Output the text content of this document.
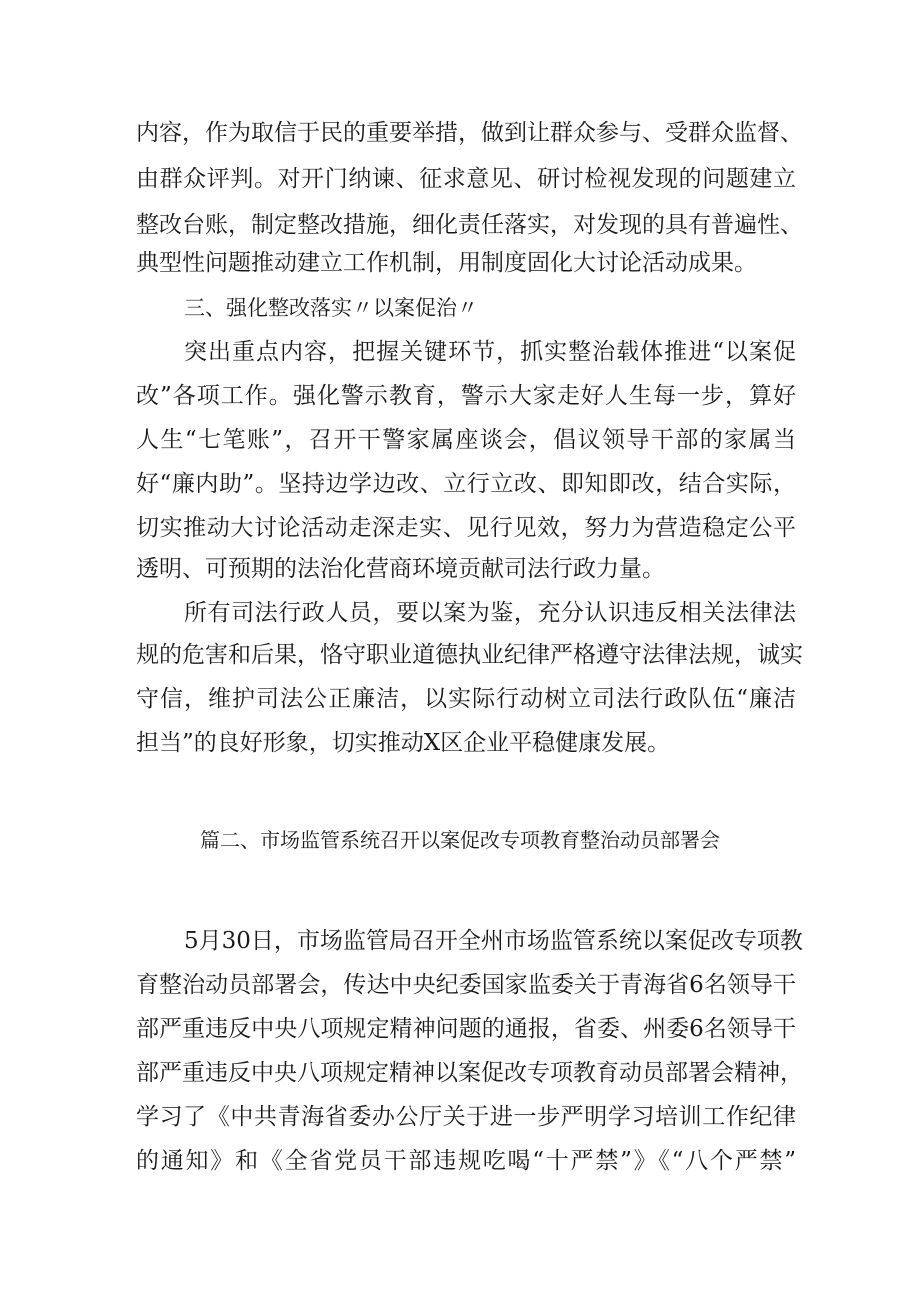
内容，作为取信于民的重要举措，做到让群众参与、受群众监督、
由群众评判。对开门纳谏、征求意见、研讨检视发现的问题建立
整改台账，制定整改措施，细化责任落实，对发现的具有普遍性、
典型性问题推动建立工作机制，用制度固化大讨论活动成果。
三、强化整改落实〃以案促治〃
突出重点内容，把握关键环节，抓实整治载体推进“以案促
改”各项工作。强化警示教育，警示大家走好人生每一步，算好
人生“七笔账”，召开干警家属座谈会，倡议领导干部的家属当
好“廉内助”。坚持边学边改、立行立改、即知即改，结合实际，
切实推动大讨论活动走深走实、见行见效，努力为营造稳定公平
透明、可预期的法治化营商环境贡献司法行政力量。
所有司法行政人员，要以案为鉴，充分认识违反相关法律法
规的危害和后果，恪守职业道德执业纪律严格遵守法律法规，诚实
守信，维护司法公正廉洁，以实际行动树立司法行政队伍“廉洁
担当”的良好形象，切实推动X区企业平稳健康发展。
篇二、市场监管系统召开以案促改专项教育整治动员部署会
5月30日，市场监管局召开全州市场监管系统以案促改专项教
育整治动员部署会，传达中央纪委国家监委关于青海省6名领导干
部严重违反中央八项规定精神问题的通报，省委、州委6名领导干
部严重违反中央八项规定精神以案促改专项教育动员部署会精神，
学习了《中共青海省委办公厅关于进一步严明学习培训工作纪律
的通知》和《全省党员干部违规吃喝“十严禁”》《“八个严禁”
